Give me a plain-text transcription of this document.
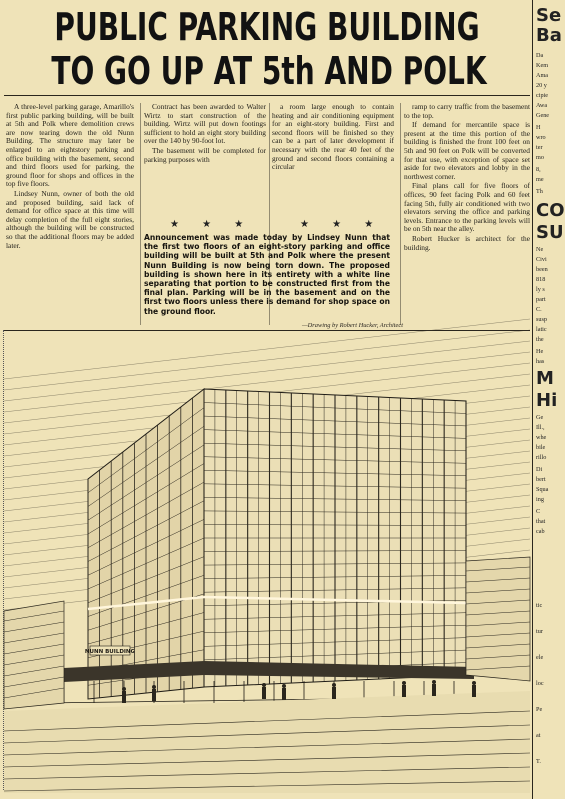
PUBLIC PARKING BUILDING
TO GO UP AT 5th AND POLK

A three-level parking garage, Amarillo's first public parking building, will be built at 5th and Polk where demolition crews are now tearing down the old Nunn Building. The structure may later be enlarged to an eightstory parking and office building with the basement, second and third floors used for parking, the ground floor for shops and offices in the top five floors.

Lindsey Nunn, owner of both the old and proposed building, said lack of demand for office space at this time will delay completion of the full eight stories, although the building will be constructed so that the additional floors may be added later.

Contract has been awarded to Walter Wirtz to start construction of the building. Wirtz will put down footings sufficient to hold an eight story building over the 140 by 90-foot lot.

The basement will be completed for parking purposes with

a room large enough to contain heating and air conditioning equipment for an eight-story building. First and second floors will be finished so they can be a part of later development if necessary with the rear 40 feet of the ground and second floors containing a circular

ramp to carry traffic from the basement to the top.

If demand for mercantile space is present at the time this portion of the building is finished the front 100 feet on 5th and 90 feet on Polk will be converted for that use, with exception of space set aside for two elevators and lobby in the northwest corner.

Final plans call for five floors of offices, 90 feet facing Polk and 60 feet facing 5th, fully air conditioned with two elevators serving the office and parking levels. Entrance to the parking levels will be on 5th near the alley.

Robert Hucker is architect for the building.

★ ★ ★	★ ★ ★
Announcement was made today by Lindsey Nunn that the first two floors of an eight-story parking and office building will be built at 5th and Polk where the present Nunn Building is now being torn down. The proposed building is shown here in its entirety with a white line separating that portion to be constructed first from the final plan. Parking will be in the basement and on the first two floors unless there is demand for shop space on the ground floor.
—Drawing by Robert Hucker, Architect
NUNN BUILDING
Se
Ba
Da
Kem
Ama
20 y
cipie
Awa
Gene
H
wro
ter
mo
8,
me
Th
CO
SU
Ne
Civi
been
818
ly s
part
C.
susp
latic
the
He
has
M
Hi
Ge
Ill.,
whe
bile
rillo
Di
bert
Squa
ing
C
that
cab
tic
tur
ele
loc
Pe
at
T.
